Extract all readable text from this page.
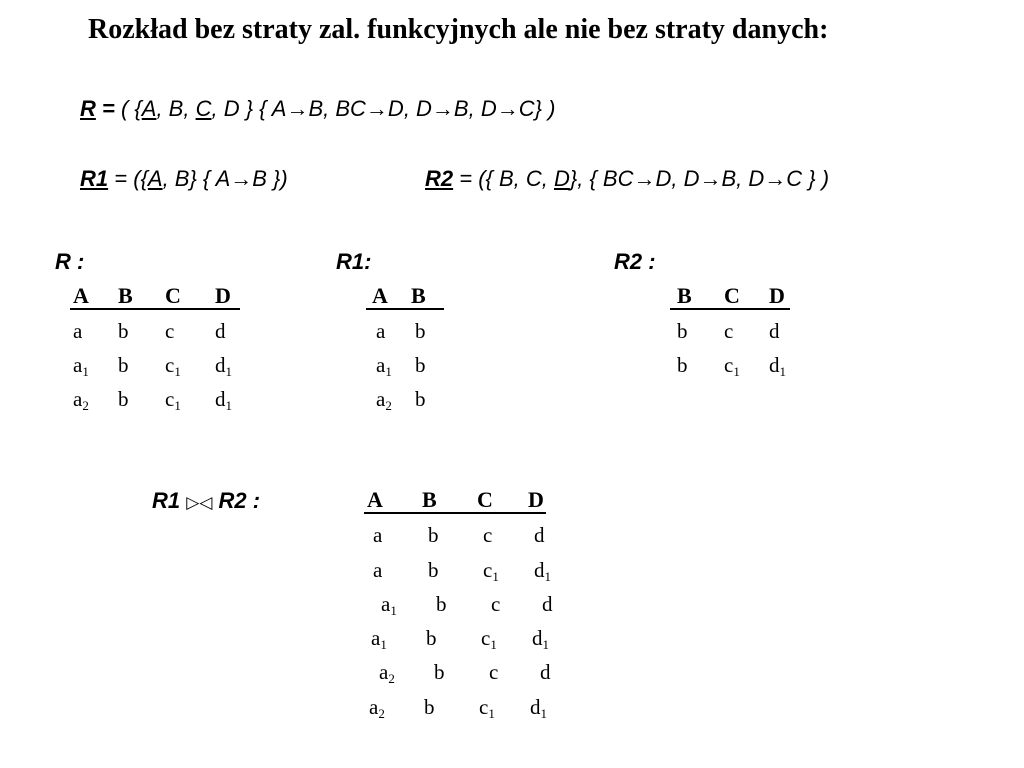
Rozkład bez straty zal. funkcyjnych ale nie bez straty danych:
R = ( {A, B, C, D } { A→B, BC→D, D→B, D→C} )
R1 = ({A, B} { A→B })	R2 = ({ B, C, D}, { BC→D, D→B, D→C } )
R :	R1:	R2 :
A B C D
a b c d
$a_1$ b $c_1$ $d_1$
$a_2$ b $c_1$ $d_1$
A B
a b
$a_1$ b
$a_2$ b
B C D
b c d
b $c_1$ $d_1$
R1 ▷◁ R2 :	A B C D
a b c d
a b $c_1$ $d_1$
$a_1$ b c d
$a_1$ b $c_1$ $d_1$
$a_2$ b c d
$a_2$ b $c_1$ $d_1$
